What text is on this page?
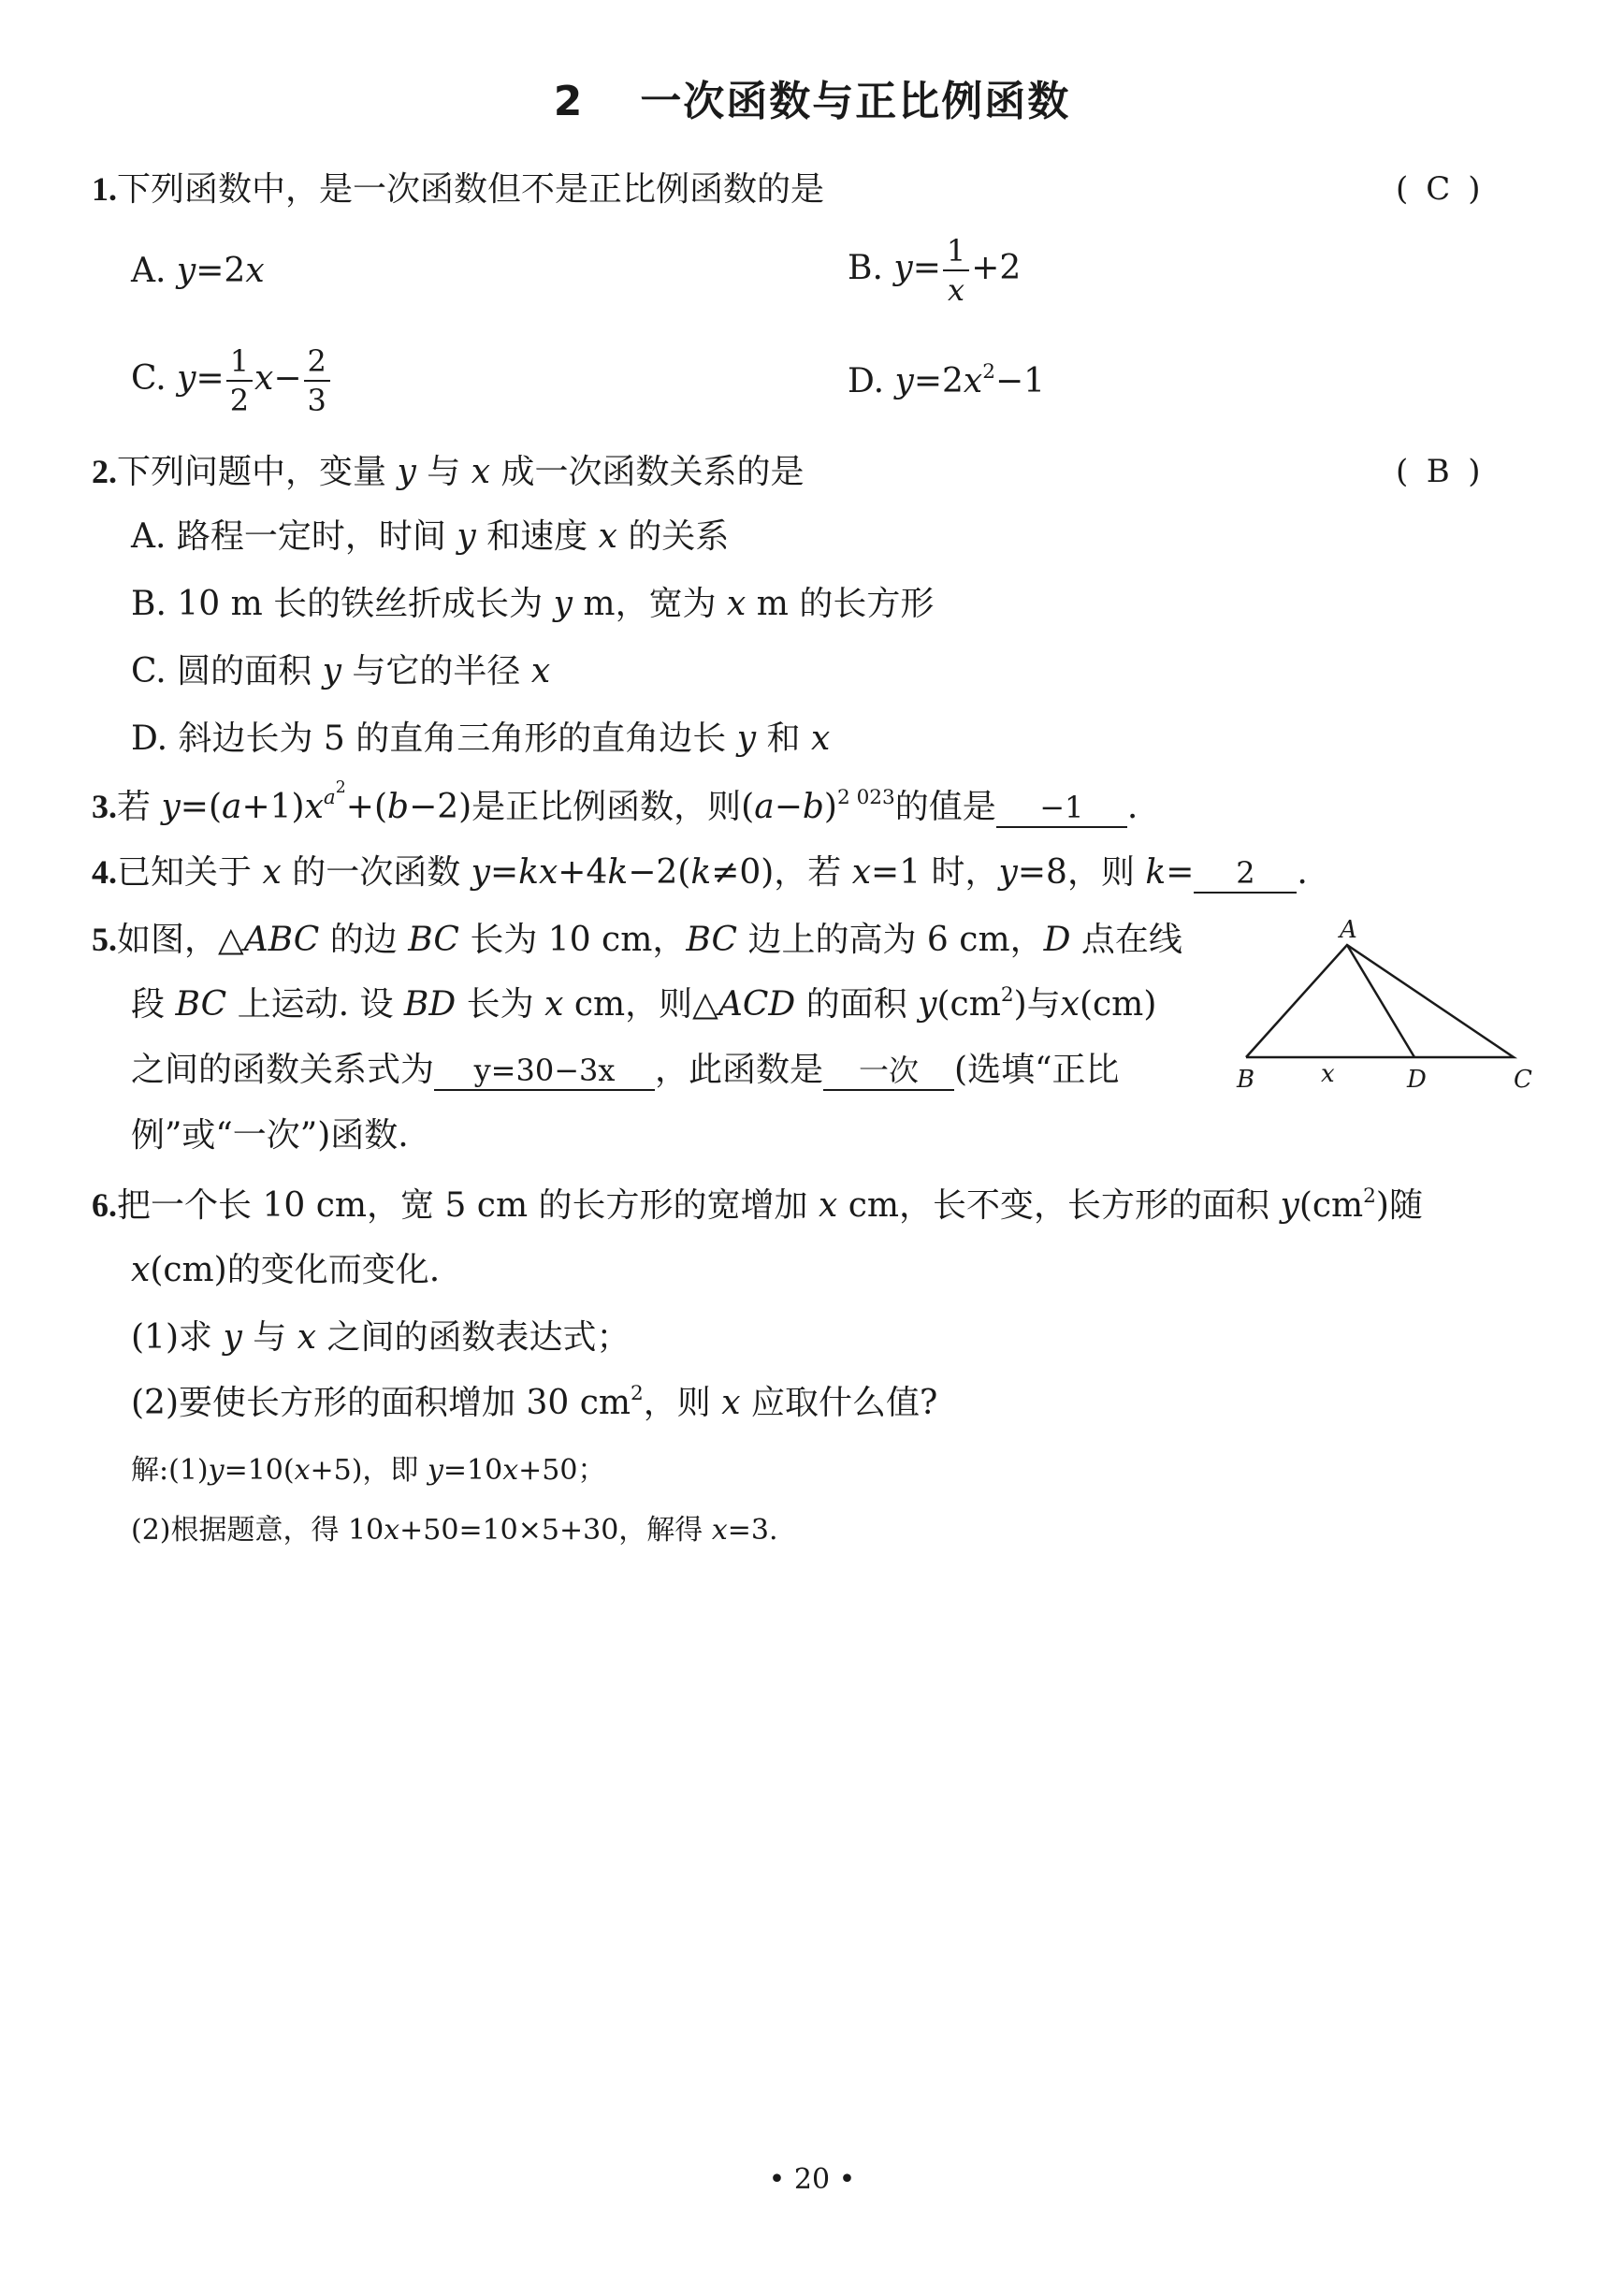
2 一次函数与正比例函数
1.下列函数中，是一次函数但不是正比例函数的是	( C )
A. y=2x	B. $y= \frac{1}{x} +2$
C. $y= \frac{1}{2} x- \frac{2}{3}$	D. $y=2x^2-1$
2.下列问题中，变量 y 与 x 成一次函数关系的是	( B )
A. 路程一定时，时间 y 和速度 x 的关系
B. 10 m 长的铁丝折成长为 y m，宽为 x m 的长方形
C. 圆的面积 y 与它的半径 x
D. 斜边长为 5 的直角三角形的直角边长 y 和 x
3.若 $y=(a+1)x^{a^2}+(b-2)$是正比例函数，则$(a-b)^{2 023}$的值是 −1 .
4.已知关于 x 的一次函数 y=kx+4k−2(k≠0)，若 x=1 时，y=8，则 k= 2 .
5.如图，△ABC 的边 BC 长为 10 cm，BC 边上的高为 6 cm，D 点在线
段 BC 上运动. 设 BD 长为 x cm，则△ACD 的面积 $y(cm^2)$与x(cm)
之间的函数关系式为 y=30−3x ，此函数是 一次 (选填“正比
例”或“一次”)函数.
A
B	C
D
x
6.把一个长 10 cm，宽 5 cm 的长方形的宽增加 x cm，长不变，长方形的面积 $y(cm^2)$随
x(cm)的变化而变化.
(1)求 y 与 x 之间的函数表达式；
(2)要使长方形的面积增加 30 $cm^2$，则 x 应取什么值?
解:(1)y=10(x+5)，即 y=10x+50；
(2)根据题意，得 10x+50=10×5+30，解得 x=3.
• 20 •
